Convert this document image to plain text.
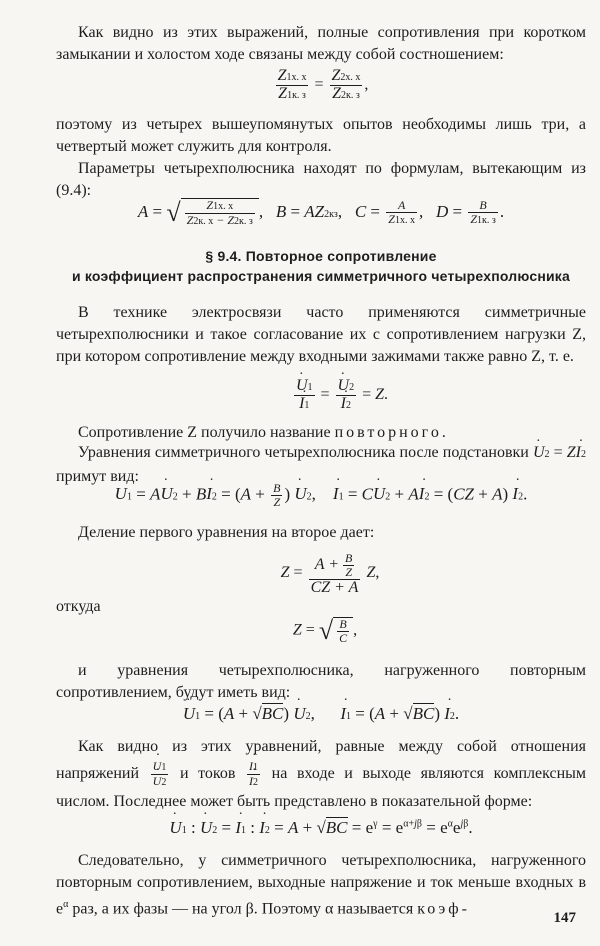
Как видно из этих выражений, полные сопротивления при коротком замыкании и холостом ходе связаны между собой состношением:

$\frac{Z1х. х}{Z1к. з} = \frac{Z2х. х}{Z2к. з}$ ,

поэтому из четырех вышеупомянутых опытов необходимы лишь три, а четвертый может служить для контроля.

Параметры четырехполюсника находят по формулам, вытекающим из (9.4):

A = √ $\frac{Z1х. х}{Z2к. х - Z2к. з}$ ,   B = AZ2кз,   $C = \frac{A}{Z1х. х}$ ,   $D = \frac{B}{Z1к. з}$ .
§ 9.4. Повторное сопротивление
и коэффициент распространения симметричного четырехполюсника

В технике электросвязи часто применяются симметричные четырехполюсники и такое согласование их с сопротивлением нагрузки Z, при котором сопротивление между входными зажимами также равно Z, т. е.

· U1
· I1 = · U2
· I2 = Z.

Сопротивление Z получило название повторного.

Уравнения симметричного четырехполюсника после подстановки · U2 = Z· I2 примут вид:

· $U1 = A\cdot U2 + B\cdot I2 = (A + \frac{B}{Z}$ ) · U2,    · I1 = C· U2 + A· I2 = (CZ + A) · I2.

Деление первого уравнения на второе дает:

$Z = \frac{A + \frac{B}{Z}}{CZ + A} Z$,

откуда

Z = √ $\frac{B}{C}$ ,

и уравнения четырехполюсника, нагруженного повторным сопротивлением, будут иметь вид:

· U1 = (A + √BC) · U2,      · I1 = (A + √BC) · I2.

Как видно из этих уравнений, равные между собой отношения напряжений · U1
· U2 и токов · I1
· I2 на входе и выходе являются комплексным числом. Последнее может быть представлено в показательной форме:

· U1 : · U2 = · I1 : · $I2 = A + √BC = e^\gamma = e^{\alpha+j\beta} = e^\alpha e^{j\beta}$.

Следовательно, у симметричного четырехполюсника, нагруженного повторным сопротивлением, выходные напряжение и ток меньше входных в $e^\alpha$ раз, а их фазы — на угол β. Поэтому α называется коэф-

147
